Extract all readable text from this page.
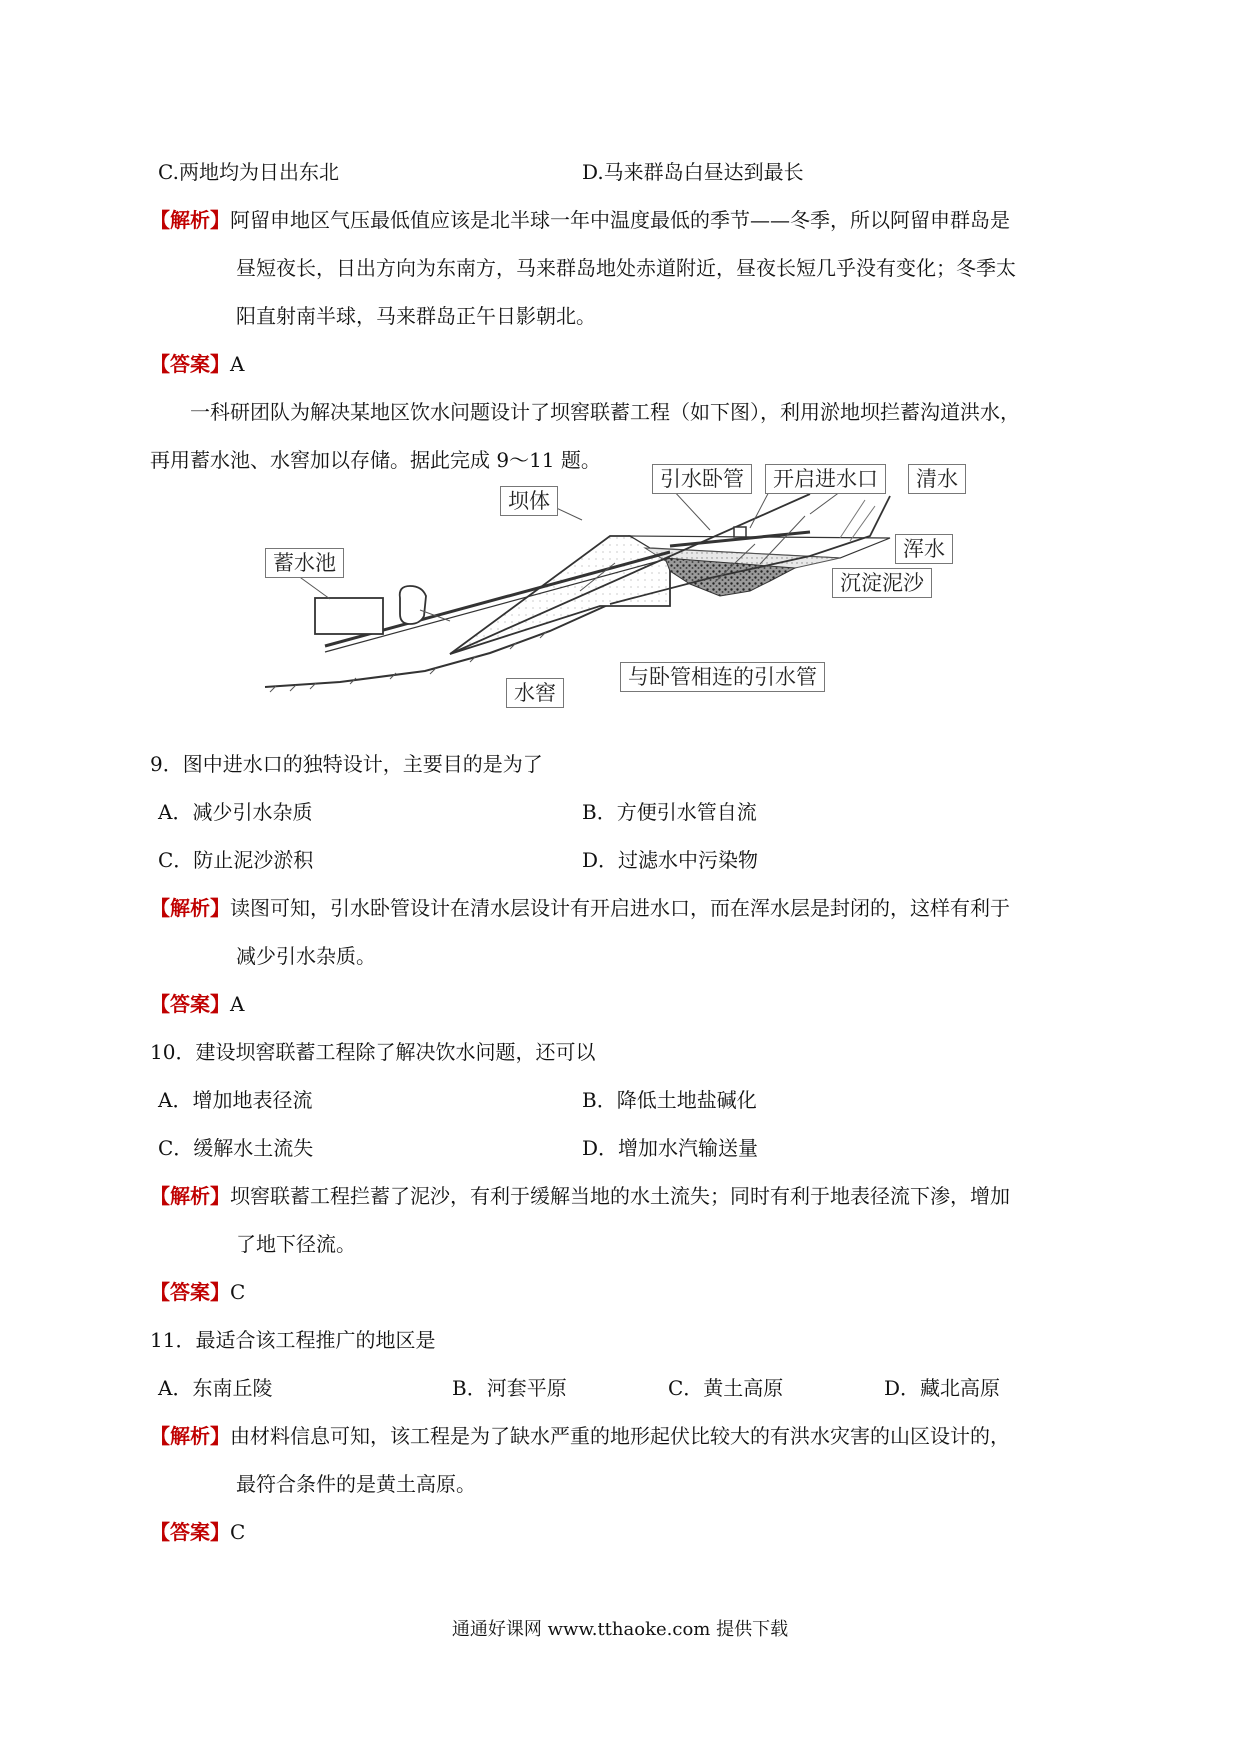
C.两地均为日出东北	D.马来群岛白昼达到最长
【解析】阿留申地区气压最低值应该是北半球一年中温度最低的季节——冬季，所以阿留申群岛是
昼短夜长，日出方向为东南方，马来群岛地处赤道附近，昼夜长短几乎没有变化；冬季太
阳直射南半球，马来群岛正午日影朝北。
【答案】A
一科研团队为解决某地区饮水问题设计了坝窖联蓄工程（如下图），利用淤地坝拦蓄沟道洪水，
再用蓄水池、水窖加以存储。据此完成 9～11 题。
引水卧管	开启进水口	清水
坝体
浑水
沉淀泥沙
蓄水池
与卧管相连的引水管
水窖
9．图中进水口的独特设计，主要目的是为了
A．减少引水杂质	B．方便引水管自流
C．防止泥沙淤积	D．过滤水中污染物
【解析】读图可知，引水卧管设计在清水层设计有开启进水口，而在浑水层是封闭的，这样有利于
减少引水杂质。
【答案】A
10．建设坝窖联蓄工程除了解决饮水问题，还可以
A．增加地表径流	B．降低土地盐碱化
C．缓解水土流失	D．增加水汽输送量
【解析】坝窖联蓄工程拦蓄了泥沙，有利于缓解当地的水土流失；同时有利于地表径流下渗，增加
了地下径流。
【答案】C
11．最适合该工程推广的地区是
A．东南丘陵	B．河套平原	C．黄土高原	D．藏北高原
【解析】由材料信息可知，该工程是为了缺水严重的地形起伏比较大的有洪水灾害的山区设计的，
最符合条件的是黄土高原。
【答案】C
通通好课网 www.tthaoke.com 提供下载
